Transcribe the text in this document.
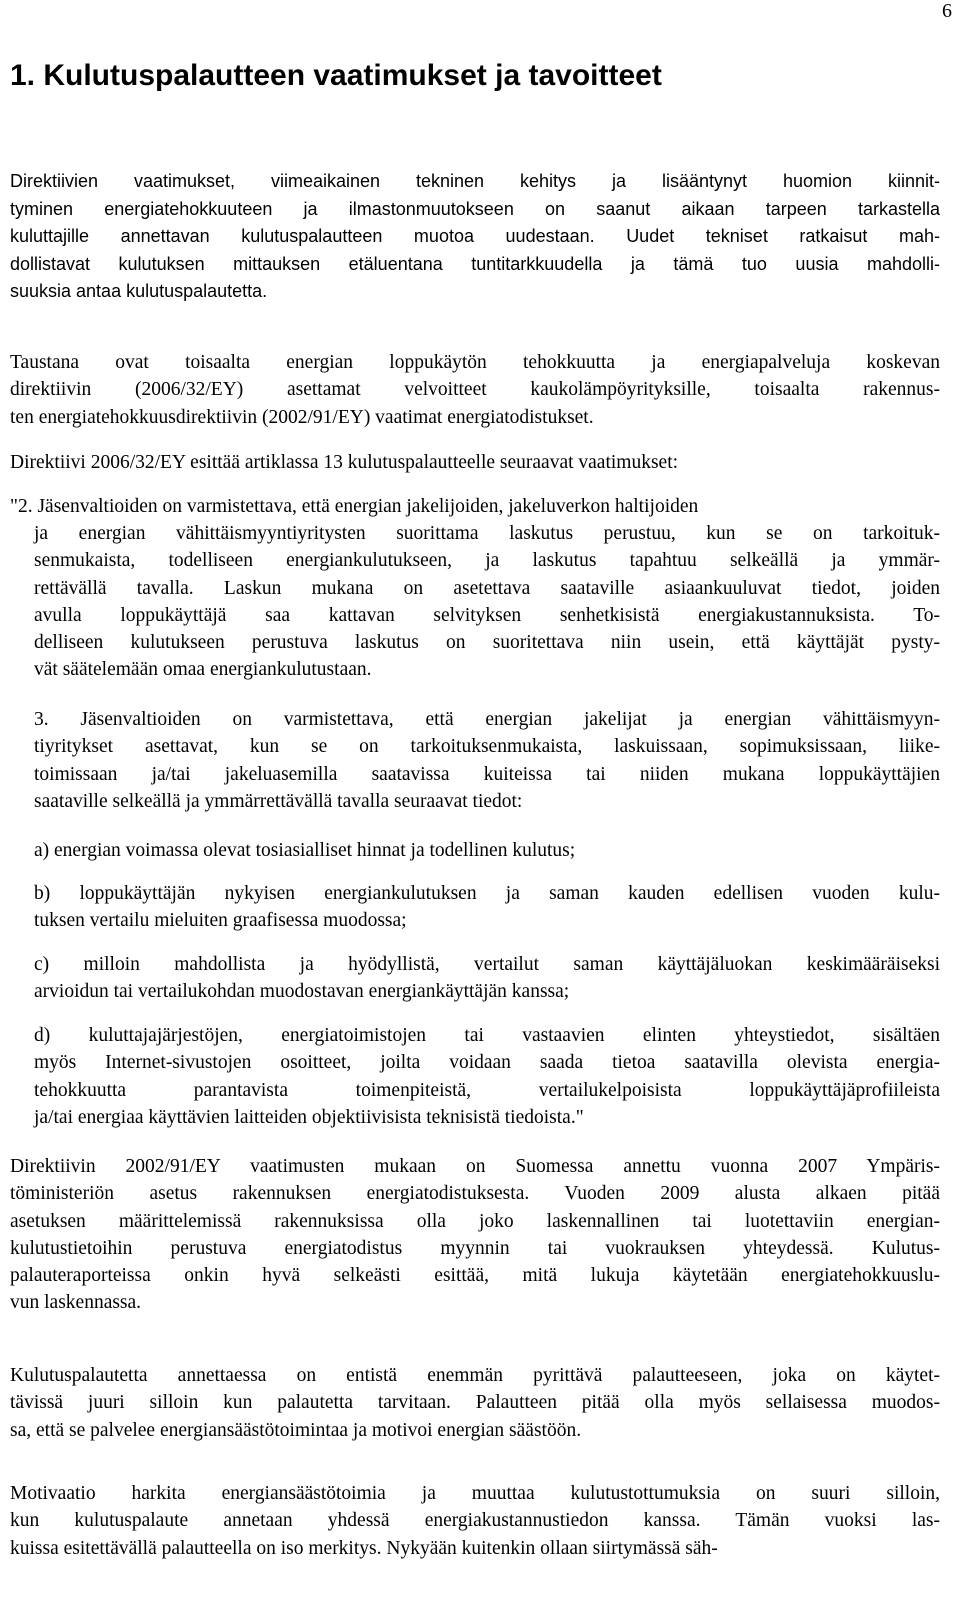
6
1. Kulutuspalautteen vaatimukset ja tavoitteet

Direktiivien vaatimukset, viimeaikainen tekninen kehitys ja lisääntynyt huomion kiinnit-
tyminen energiatehokkuuteen ja ilmastonmuutokseen on saanut aikaan tarpeen tarkastella
kuluttajille annettavan kulutuspalautteen muotoa uudestaan. Uudet tekniset ratkaisut mah-
dollistavat kulutuksen mittauksen etäluentana tuntitarkkuudella ja tämä tuo uusia mahdolli-
suuksia antaa kulutuspalautetta.

Taustana ovat toisaalta energian loppukäytön tehokkuutta ja energiapalveluja koskevan
direktiivin (2006/32/EY) asettamat velvoitteet kaukolämpöyrityksille, toisaalta rakennus-
ten energiatehokkuusdirektiivin (2002/91/EY) vaatimat energiatodistukset.

Direktiivi 2006/32/EY esittää artiklassa 13 kulutuspalautteelle seuraavat vaatimukset:

"2. Jäsenvaltioiden on varmistettava, että energian jakelijoiden, jakeluverkon haltijoiden

ja energian vähittäismyyntiyritysten suorittama laskutus perustuu, kun se on tarkoituk-
senmukaista, todelliseen energiankulutukseen, ja laskutus tapahtuu selkeällä ja ymmär-
rettävällä tavalla. Laskun mukana on asetettava saataville asiaankuuluvat tiedot, joiden
avulla loppukäyttäjä saa kattavan selvityksen senhetkisistä energiakustannuksista. To-
delliseen kulutukseen perustuva laskutus on suoritettava niin usein, että käyttäjät pysty-
vät säätelemään omaa energiankulutustaan.

3. Jäsenvaltioiden on varmistettava, että energian jakelijat ja energian vähittäismyyn-
tiyritykset asettavat, kun se on tarkoituksenmukaista, laskuissaan, sopimuksissaan, liike-
toimissaan ja/tai jakeluasemilla saatavissa kuiteissa tai niiden mukana loppukäyttäjien
saataville selkeällä ja ymmärrettävällä tavalla seuraavat tiedot:

a) energian voimassa olevat tosiasialliset hinnat ja todellinen kulutus;

b) loppukäyttäjän nykyisen energiankulutuksen ja saman kauden edellisen vuoden kulu-
tuksen vertailu mieluiten graafisessa muodossa;

c) milloin mahdollista ja hyödyllistä, vertailut saman käyttäjäluokan keskimääräiseksi
arvioidun tai vertailukohdan muodostavan energiankäyttäjän kanssa;

d) kuluttajajärjestöjen, energiatoimistojen tai vastaavien elinten yhteystiedot, sisältäen
myös Internet-sivustojen osoitteet, joilta voidaan saada tietoa saatavilla olevista energia-
tehokkuutta parantavista toimenpiteistä, vertailukelpoisista loppukäyttäjäprofiileista
ja/tai energiaa käyttävien laitteiden objektiivisista teknisistä tiedoista."

Direktiivin 2002/91/EY vaatimusten mukaan on Suomessa annettu vuonna 2007 Ympäris-
töministeriön asetus rakennuksen energiatodistuksesta. Vuoden 2009 alusta alkaen pitää
asetuksen määrittelemissä rakennuksissa olla joko laskennallinen tai luotettaviin energian-
kulutustietoihin perustuva energiatodistus myynnin tai vuokrauksen yhteydessä. Kulutus-
palauteraporteissa onkin hyvä selkeästi esittää, mitä lukuja käytetään energiatehokkuuslu-
vun laskennassa.

Kulutuspalautetta annettaessa on entistä enemmän pyrittävä palautteeseen, joka on käytet-
tävissä juuri silloin kun palautetta tarvitaan. Palautteen pitää olla myös sellaisessa muodos-
sa, että se palvelee energiansäästötoimintaa ja motivoi energian säästöön.

Motivaatio harkita energiansäästötoimia ja muuttaa kulutustottumuksia on suuri silloin,
kun kulutuspalaute annetaan yhdessä energiakustannustiedon kanssa. Tämän vuoksi las-
kuissa esitettävällä palautteella on iso merkitys. Nykyään kuitenkin ollaan siirtymässä säh-
